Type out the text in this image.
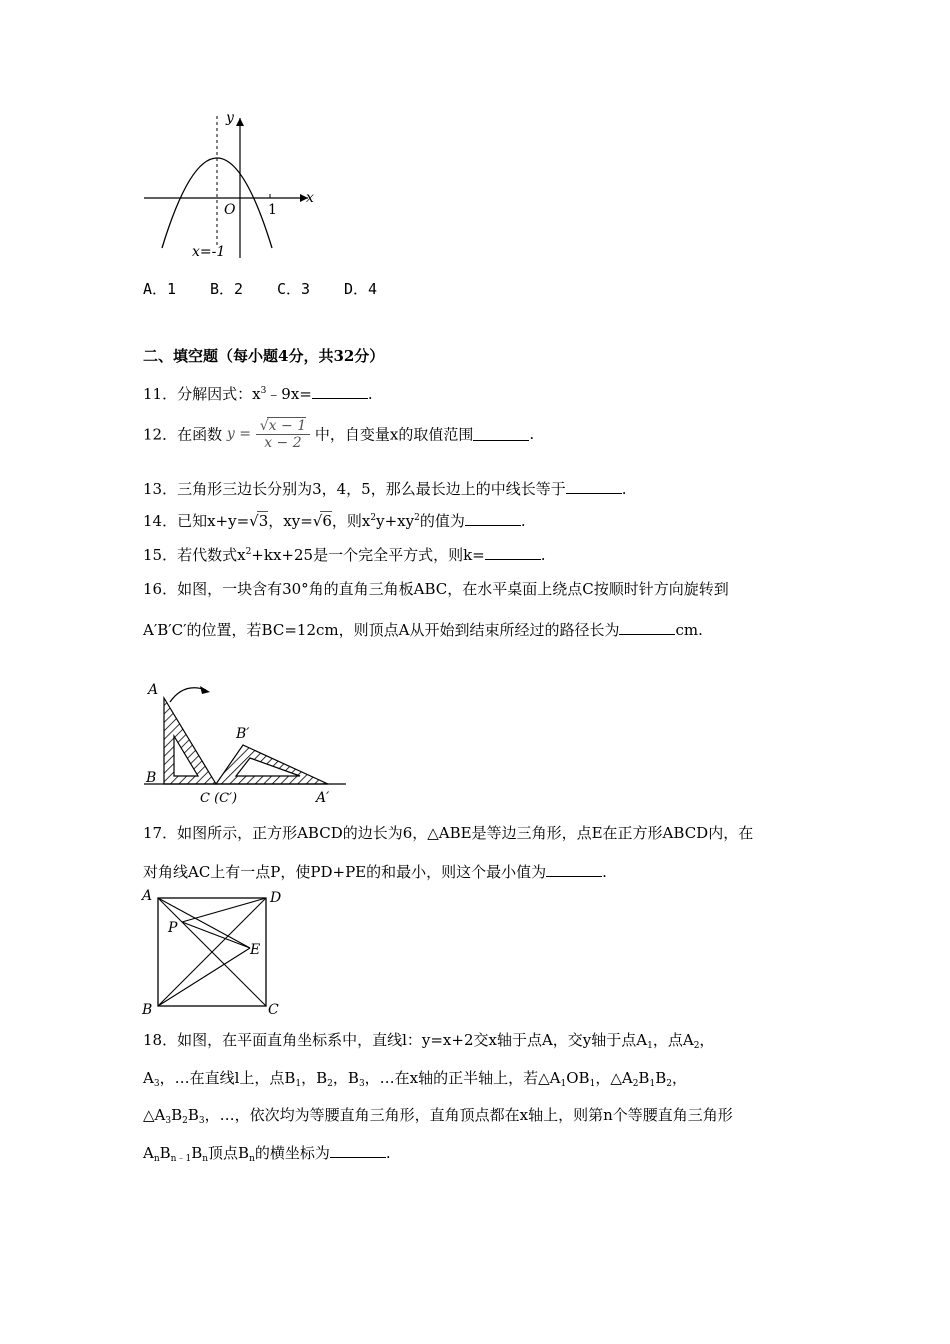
y
x
O 1
x=-1
A．1 B．2 C．3 D．4
二、填空题（每小题4分，共32分）
11．分解因式：$x^3﹣9x=$	.
12．在函数 $y = \frac{√x - 1}{x - 2}$ 中，自变量x的取值范围	.
13．三角形三边长分别为3，4，5，那么最长边上的中线长等于	.
14．已知x+y=√3，xy=√6，则$x^2y+xy^2$的值为	.
15．若代数式$x^2+kx+25$是一个完全平方式，则k=	.
16．如图，一块含有30°角的直角三角板ABC，在水平桌面上绕点C按顺时针方向旋转到
A′B′C′的位置，若BC=12cm，则顶点A从开始到结束所经过的路径长为	cm.
A
B
C (C′)
B′
A′
17．如图所示，正方形ABCD的边长为6，△ABE是等边三角形，点E在正方形ABCD内，在
对角线AC上有一点P，使PD+PE的和最小，则这个最小值为	.
A	D
P
E
B	C
18．如图，在平面直角坐标系中，直线l：y=x+2交x轴于点A，交y轴于点$A_1$，点$A_2$，
$A_3$，…在直线l上，点$B_1$，$B_2$，$B_3$，…在x轴的正半轴上，若$\triangle A_1OB_1$，$\triangle A_2B_1B_2$，
$\triangle A_3B_2B_3$，…，依次均为等腰直角三角形，直角顶点都在x轴上，则第n个等腰直角三角形
$A_nB_{n﹣1}B_n$顶点$B_n$的横坐标为	.
